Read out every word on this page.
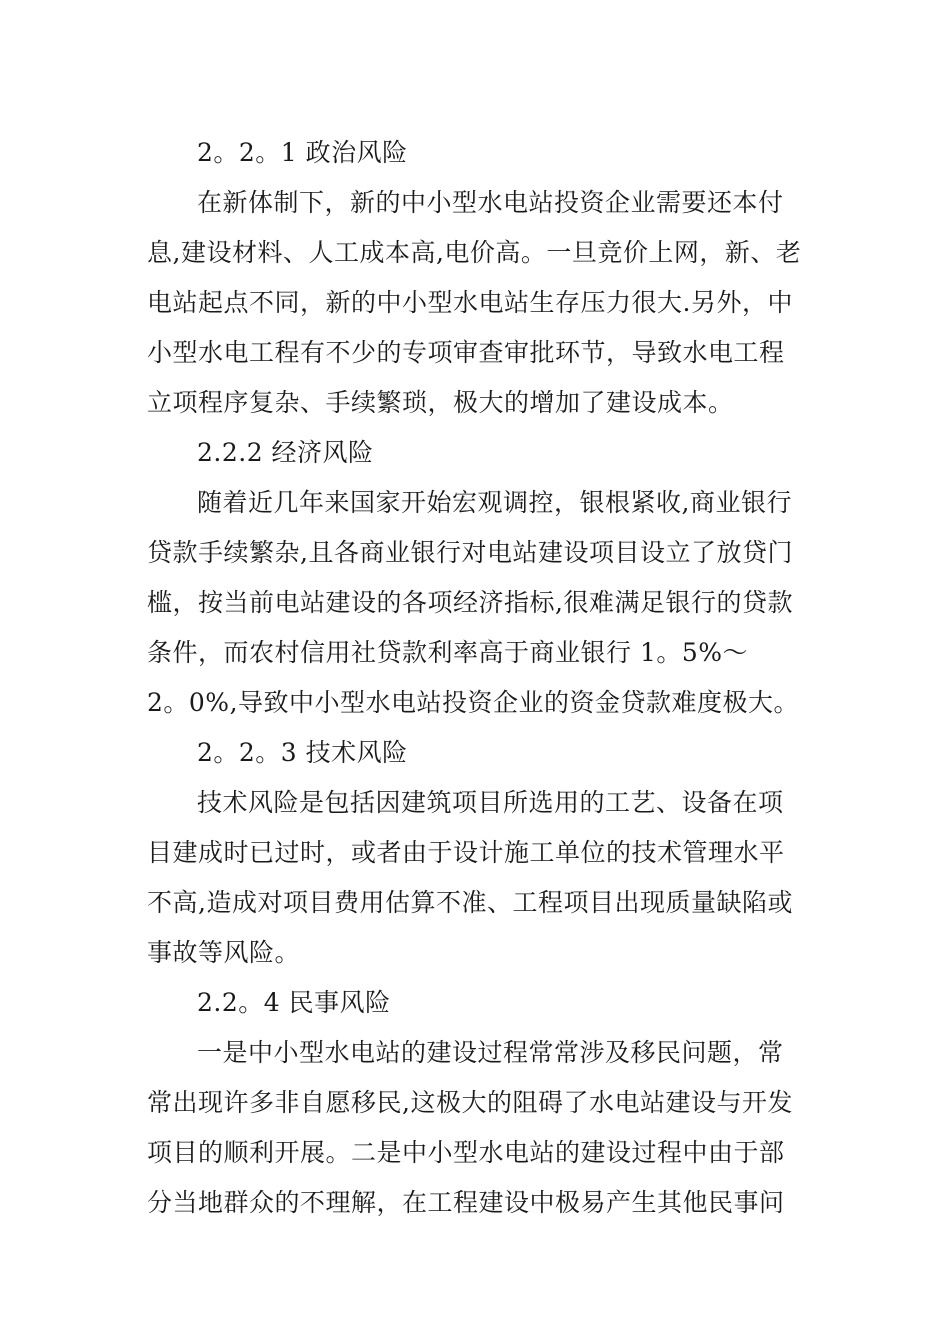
2。2。1 政治风险
在新体制下，新的中小型水电站投资企业需要还本付
息,建设材料、人工成本高,电价高。一旦竞价上网，新、老
电站起点不同，新的中小型水电站生存压力很大.另外，中
小型水电工程有不少的专项审查审批环节，导致水电工程
立项程序复杂、手续繁琐，极大的增加了建设成本。
2.2.2 经济风险
随着近几年来国家开始宏观调控，银根紧收,商业银行
贷款手续繁杂,且各商业银行对电站建设项目设立了放贷门
槛，按当前电站建设的各项经济指标,很难满足银行的贷款
条件，而农村信用社贷款利率高于商业银行 1。5%～
2。0%,导致中小型水电站投资企业的资金贷款难度极大。
2。2。3 技术风险
技术风险是包括因建筑项目所选用的工艺、设备在项
目建成时已过时，或者由于设计施工单位的技术管理水平
不高,造成对项目费用估算不准、工程项目出现质量缺陷或
事故等风险。
2.2。4 民事风险
一是中小型水电站的建设过程常常涉及移民问题，常
常出现许多非自愿移民,这极大的阻碍了水电站建设与开发
项目的顺利开展。二是中小型水电站的建设过程中由于部
分当地群众的不理解，在工程建设中极易产生其他民事问
